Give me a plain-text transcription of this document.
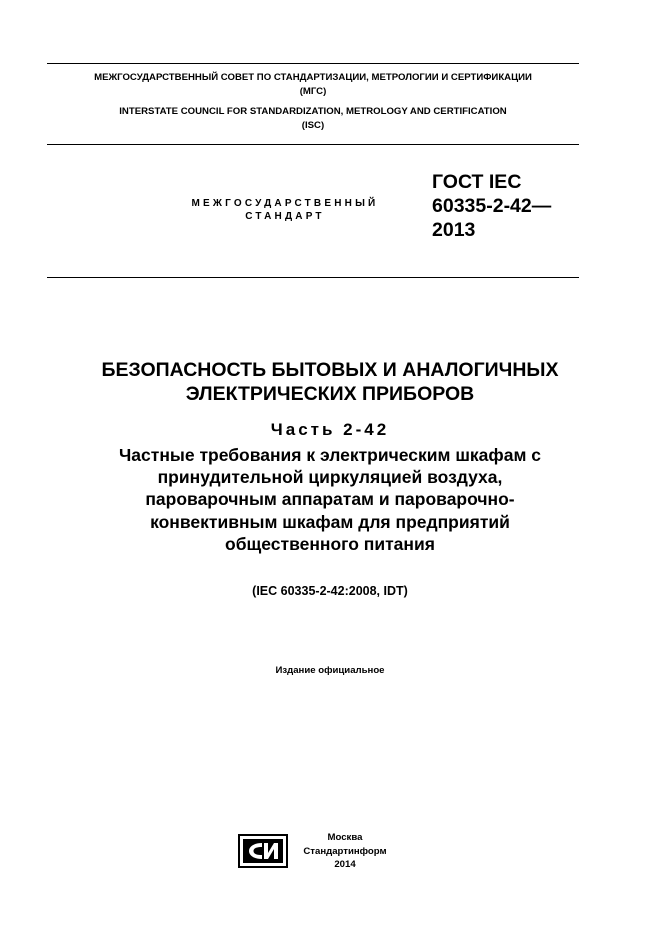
МЕЖГОСУДАРСТВЕННЫЙ СОВЕТ ПО СТАНДАРТИЗАЦИИ, МЕТРОЛОГИИ И СЕРТИФИКАЦИИ
(МГС)
INTERSTATE COUNCIL FOR STANDARDIZATION, METROLOGY AND CERTIFICATION
(ISC)
МЕЖГОСУДАРСТВЕННЫЙ
СТАНДАРТ
ГОСТ IEC
60335-2-42—
2013
БЕЗОПАСНОСТЬ БЫТОВЫХ И АНАЛОГИЧНЫХ
ЭЛЕКТРИЧЕСКИХ ПРИБОРОВ
Часть 2-42
Частные требования к электрическим шкафам с
принудительной циркуляцией воздуха,
пароварочным аппаратам и пароварочно-
конвективным шкафам для предприятий
общественного питания
(IEC 60335-2-42:2008, IDT)
Издание официальное
Москва
Стандартинформ
2014
